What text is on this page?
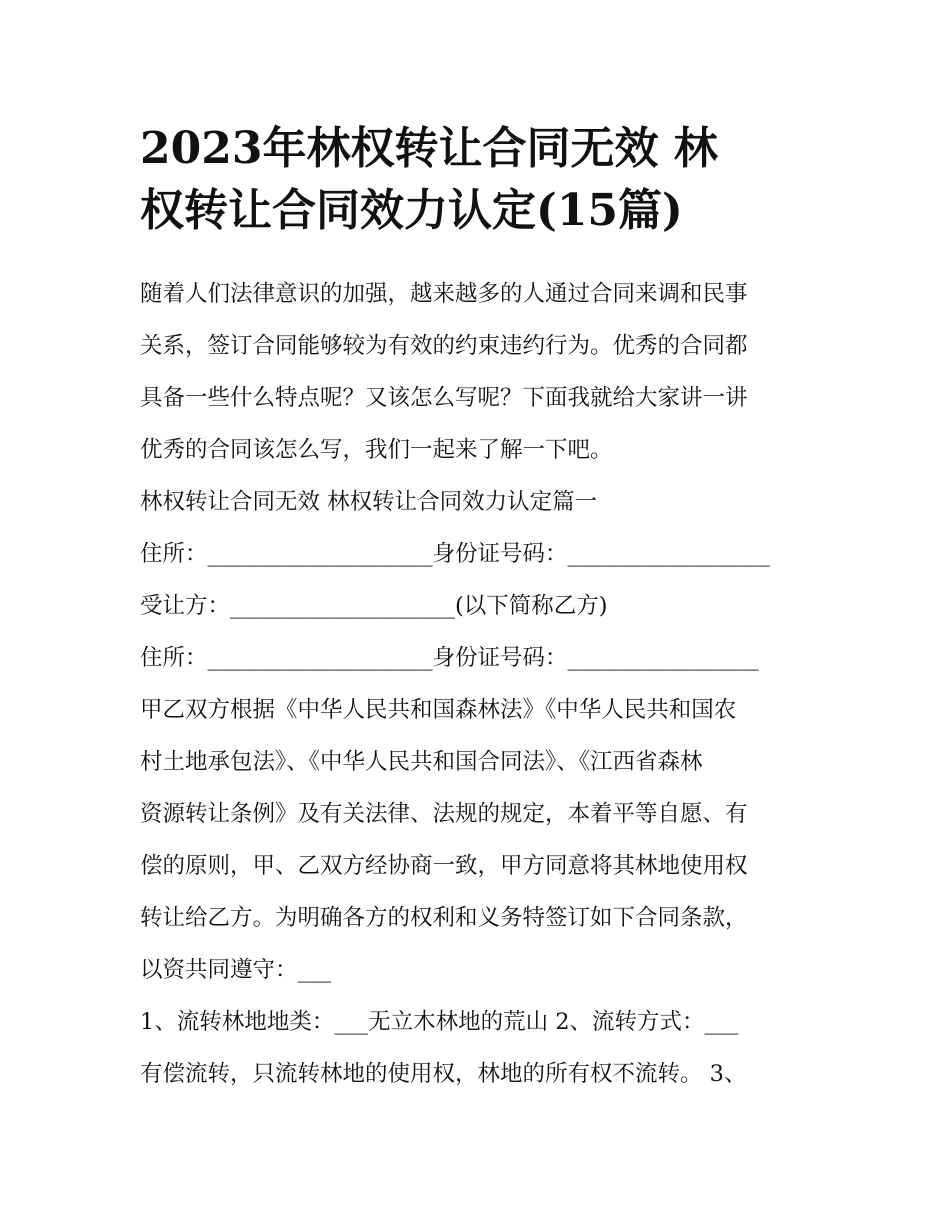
2023年林权转让合同无效 林
权转让合同效力认定(15篇)

随着人们法律意识的加强，越来越多的人通过合同来调和民事

关系，签订合同能够较为有效的约束违约行为。优秀的合同都

具备一些什么特点呢？又该怎么写呢？下面我就给大家讲一讲

优秀的合同该怎么写，我们一起来了解一下吧。

林权转让合同无效 林权转让合同效力认定篇一

住所：____________________身份证号码：__________________

受让方：____________________(以下简称乙方)

住所：____________________身份证号码：_________________

甲乙双方根据《中华人民共和国森林法》《中华人民共和国农

村土地承包法》、《中华人民共和国合同法》、《江西省森林

资源转让条例》及有关法律、法规的规定，本着平等自愿、有

偿的原则，甲、乙双方经协商一致，甲方同意将其林地使用权

转让给乙方。为明确各方的权利和义务特签订如下合同条款，

以资共同遵守：___

1、流转林地地类：___无立木林地的荒山 2、流转方式：___

有偿流转，只流转林地的使用权，林地的所有权不流转。 3、
